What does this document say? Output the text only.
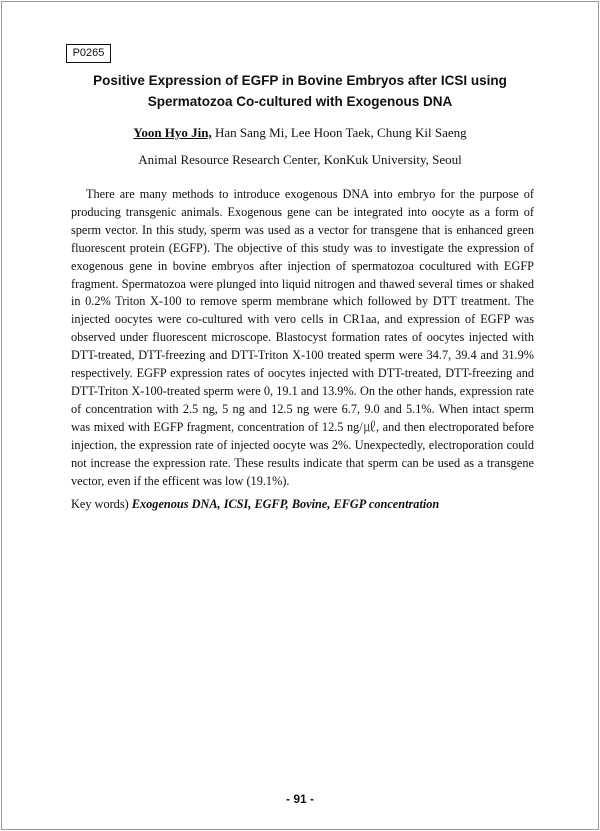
P0265
Positive Expression of EGFP in Bovine Embryos after ICSI using
Spermatozoa Co-cultured with Exogenous DNA
Yoon Hyo Jin, Han Sang Mi, Lee Hoon Taek, Chung Kil Saeng
Animal Resource Research Center, KonKuk University, Seoul

There are many methods to introduce exogenous DNA into embryo for the purpose of producing transgenic animals. Exogenous gene can be integrated into oocyte as a form of sperm vector. In this study, sperm was used as a vector for transgene that is enhanced green fluorescent protein (EGFP). The objective of this study was to investigate the expression of exogenous gene in bovine embryos after injection of spermatozoa cocultured with EGFP fragment. Spermatozoa were plunged into liquid nitrogen and thawed several times or shaked in 0.2% Triton X-100 to remove sperm membrane which followed by DTT treatment. The injected oocytes were co-cultured with vero cells in CR1aa, and expression of EGFP was observed under fluorescent microscope. Blastocyst formation rates of oocytes injected with DTT-treated, DTT-freezing and DTT-Triton X-100 treated sperm were 34.7, 39.4 and 31.9% respectively. EGFP expression rates of oocytes injected with DTT-treated, DTT-freezing and DTT-Triton X-100-treated sperm were 0, 19.1 and 13.9%. On the other hands, expression rate of concentration with 2.5 ng, 5 ng and 12.5 ng were 6.7, 9.0 and 5.1%. When intact sperm was mixed with EGFP fragment, concentration of 12.5 ng/㎕, and then electroporated before injection, the expression rate of injected oocyte was 2%. Unexpectedly, electroporation could not increase the expression rate. These results indicate that sperm can be used as a transgene vector, even if the efficent was low (19.1%).

Key words) Exogenous DNA, ICSI, EGFP, Bovine, EFGP concentration
- 91 -
